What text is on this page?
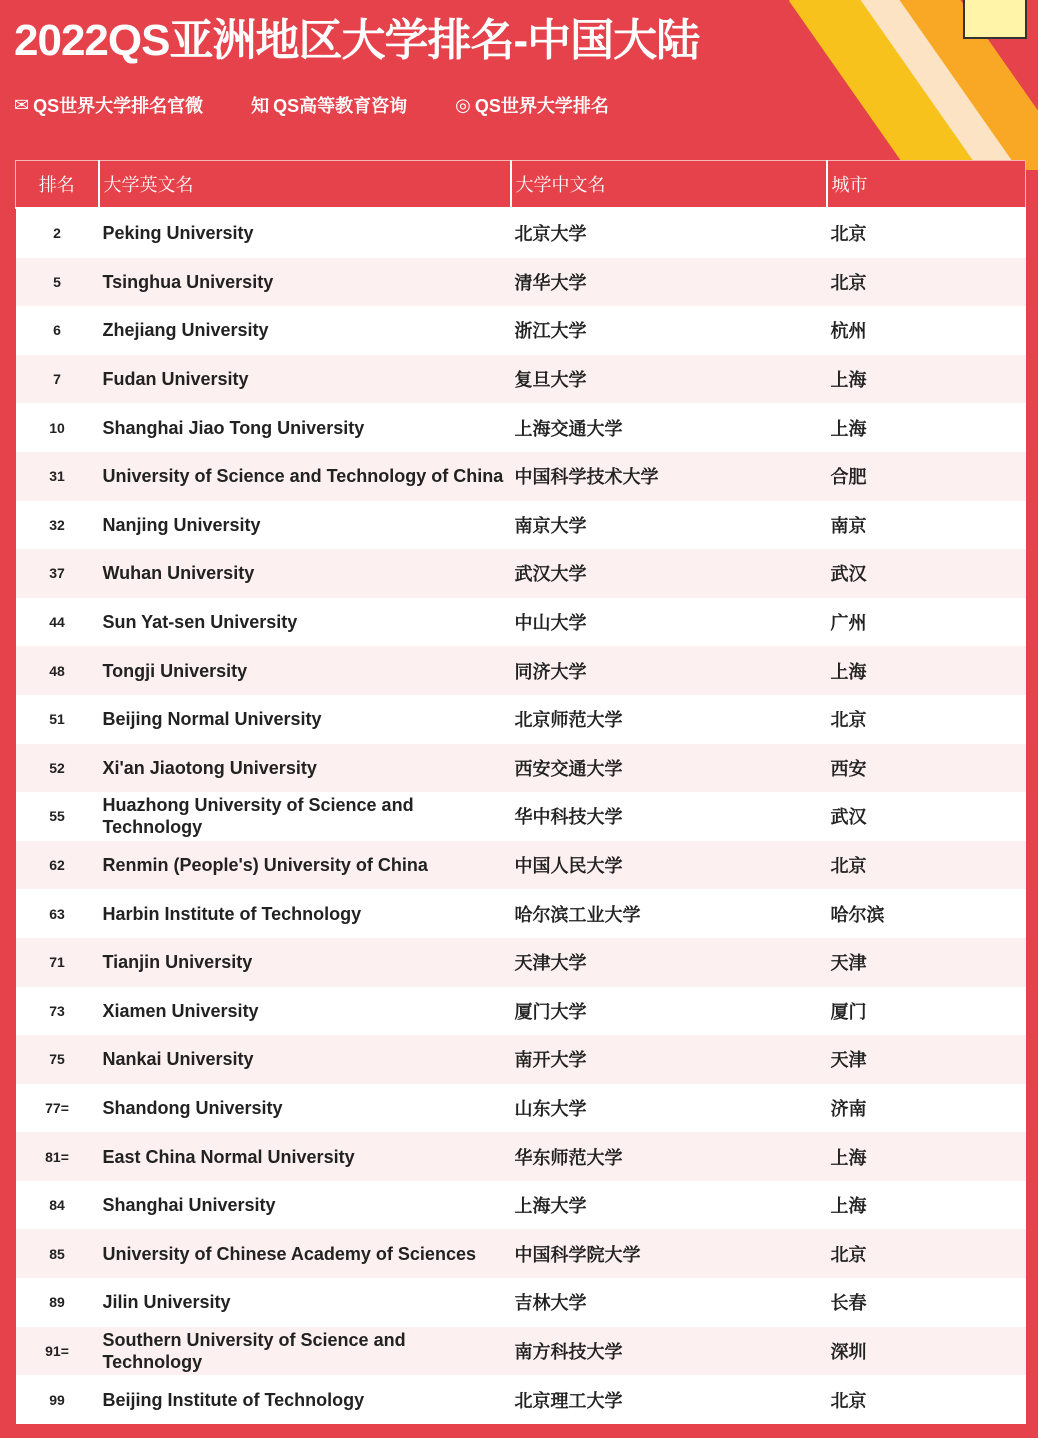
2022QS亚洲地区大学排名-中国大陆
✉ QS世界大学排名官微	知 QS高等教育咨询	◎ QS世界大学排名
排名	大学英文名	大学中文名	城市
2	Peking University	北京大学	北京
5	Tsinghua University	清华大学	北京
6	Zhejiang University	浙江大学	杭州
7	Fudan University	复旦大学	上海
10	Shanghai Jiao Tong University	上海交通大学	上海
31	University of Science and Technology of China	中国科学技术大学	合肥
32	Nanjing University	南京大学	南京
37	Wuhan University	武汉大学	武汉
44	Sun Yat-sen University	中山大学	广州
48	Tongji University	同济大学	上海
51	Beijing Normal University	北京师范大学	北京
52	Xi'an Jiaotong University	西安交通大学	西安
55	Huazhong University of Science and Technology	华中科技大学	武汉
62	Renmin (People's) University of China	中国人民大学	北京
63	Harbin Institute of Technology	哈尔滨工业大学	哈尔滨
71	Tianjin University	天津大学	天津
73	Xiamen University	厦门大学	厦门
75	Nankai University	南开大学	天津
77=	Shandong University	山东大学	济南
81=	East China Normal University	华东师范大学	上海
84	Shanghai University	上海大学	上海
85	University of Chinese Academy of Sciences	中国科学院大学	北京
89	Jilin University	吉林大学	长春
91=	Southern University of Science and Technology	南方科技大学	深圳
99	Beijing Institute of Technology	北京理工大学	北京
